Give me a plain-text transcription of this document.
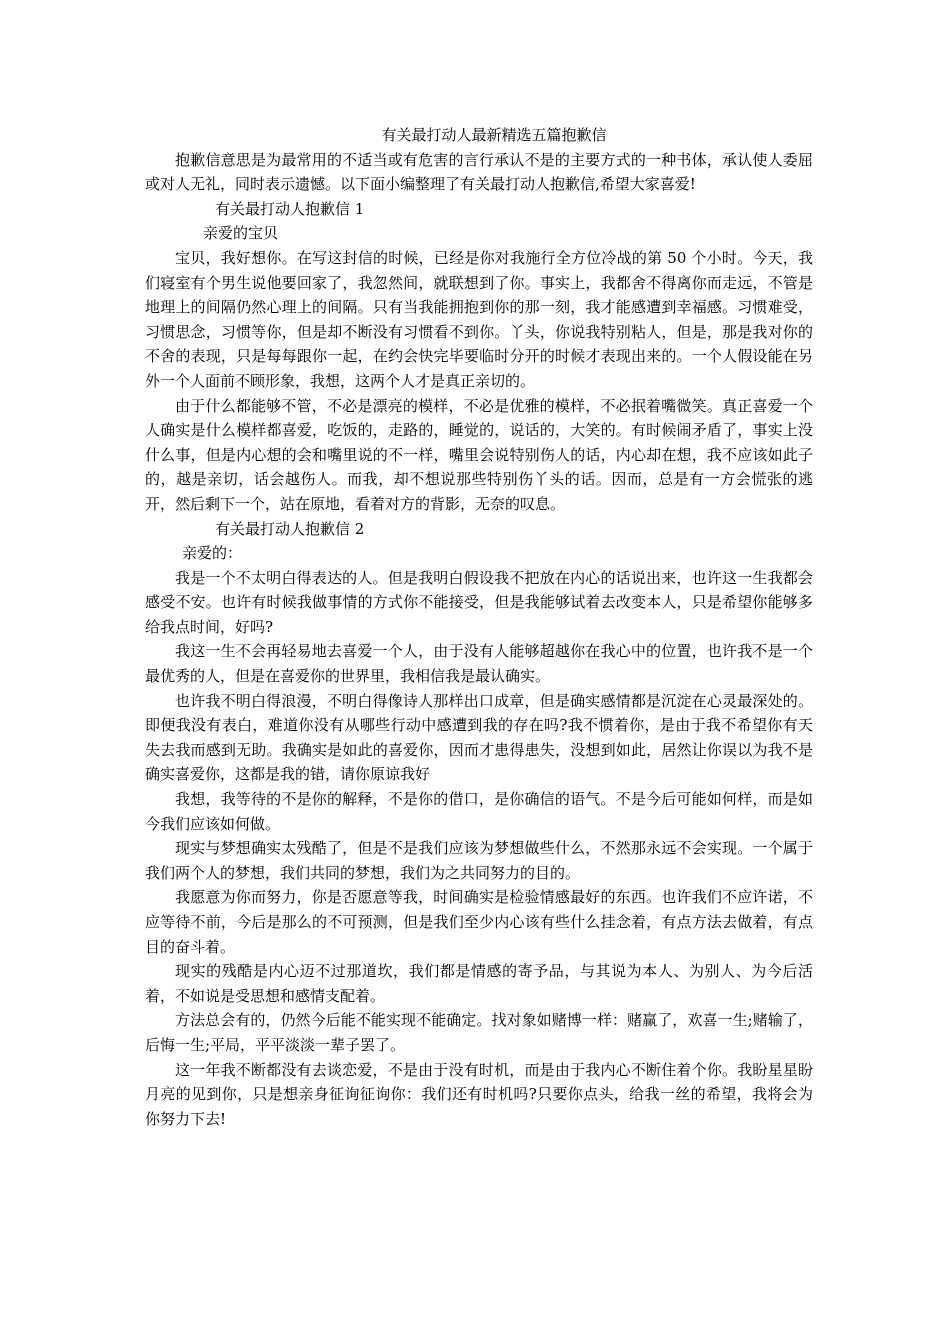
有关最打动人最新精选五篇抱歉信

抱歉信意思是为最常用的不适当或有危害的言行承认不是的主要方式的一种书体，承认使人委屈或对人无礼，同时表示遗憾。以下面小编整理了有关最打动人抱歉信,希望大家喜爱!

有关最打动人抱歉信 1

亲爱的宝贝

宝贝，我好想你。在写这封信的时候，已经是你对我施行全方位冷战的第 50 个小时。今天，我们寝室有个男生说他要回家了，我忽然间，就联想到了你。事实上，我都舍不得离你而走远，不管是地理上的间隔仍然心理上的间隔。只有当我能拥抱到你的那一刻，我才能感遭到幸福感。习惯难受，习惯思念，习惯等你，但是却不断没有习惯看不到你。丫头，你说我特别粘人，但是，那是我对你的不舍的表现，只是每每跟你一起，在约会快完毕要临时分开的时候才表现出来的。一个人假设能在另外一个人面前不顾形象，我想，这两个人才是真正亲切的。

由于什么都能够不管，不必是漂亮的模样，不必是优雅的模样，不必抿着嘴微笑。真正喜爱一个人确实是什么模样都喜爱，吃饭的，走路的，睡觉的，说话的，大笑的。有时候闹矛盾了，事实上没什么事，但是内心想的会和嘴里说的不一样，嘴里会说特别伤人的话，内心却在想，我不应该如此子的，越是亲切，话会越伤人。而我，却不想说那些特别伤丫头的话。因而，总是有一方会慌张的逃开，然后剩下一个，站在原地，看着对方的背影，无奈的叹息。

有关最打动人抱歉信 2

亲爱的：

我是一个不太明白得表达的人。但是我明白假设我不把放在内心的话说出来，也许这一生我都会感受不安。也许有时候我做事情的方式你不能接受，但是我能够试着去改变本人，只是希望你能够多给我点时间，好吗?

我这一生不会再轻易地去喜爱一个人，由于没有人能够超越你在我心中的位置，也许我不是一个最优秀的人，但是在喜爱你的世界里，我相信我是最认确实。

也许我不明白得浪漫，不明白得像诗人那样出口成章，但是确实感情都是沉淀在心灵最深处的。即便我没有表白，难道你没有从哪些行动中感遭到我的存在吗?我不惯着你，是由于我不希望你有天失去我而感到无助。我确实是如此的喜爱你，因而才患得患失，没想到如此，居然让你误以为我不是确实喜爱你，这都是我的错，请你原谅我好

我想，我等待的不是你的解释，不是你的借口，是你确信的语气。不是今后可能如何样，而是如今我们应该如何做。

现实与梦想确实太残酷了，但是不是我们应该为梦想做些什么，不然那永远不会实现。一个属于我们两个人的梦想，我们共同的梦想，我们为之共同努力的目的。

我愿意为你而努力，你是否愿意等我，时间确实是检验情感最好的东西。也许我们不应许诺，不应等待不前，今后是那么的不可预测，但是我们至少内心该有些什么挂念着，有点方法去做着，有点目的奋斗着。

现实的残酷是内心迈不过那道坎，我们都是情感的寄予品，与其说为本人、为别人、为今后活着，不如说是受思想和感情支配着。

方法总会有的，仍然今后能不能实现不能确定。找对象如赌博一样：赌赢了，欢喜一生;赌输了，后悔一生;平局，平平淡淡一辈子罢了。

这一年我不断都没有去谈恋爱，不是由于没有时机，而是由于我内心不断住着个你。我盼星星盼月亮的见到你，只是想亲身征询征询你：我们还有时机吗?只要你点头，给我一丝的希望，我将会为你努力下去!
